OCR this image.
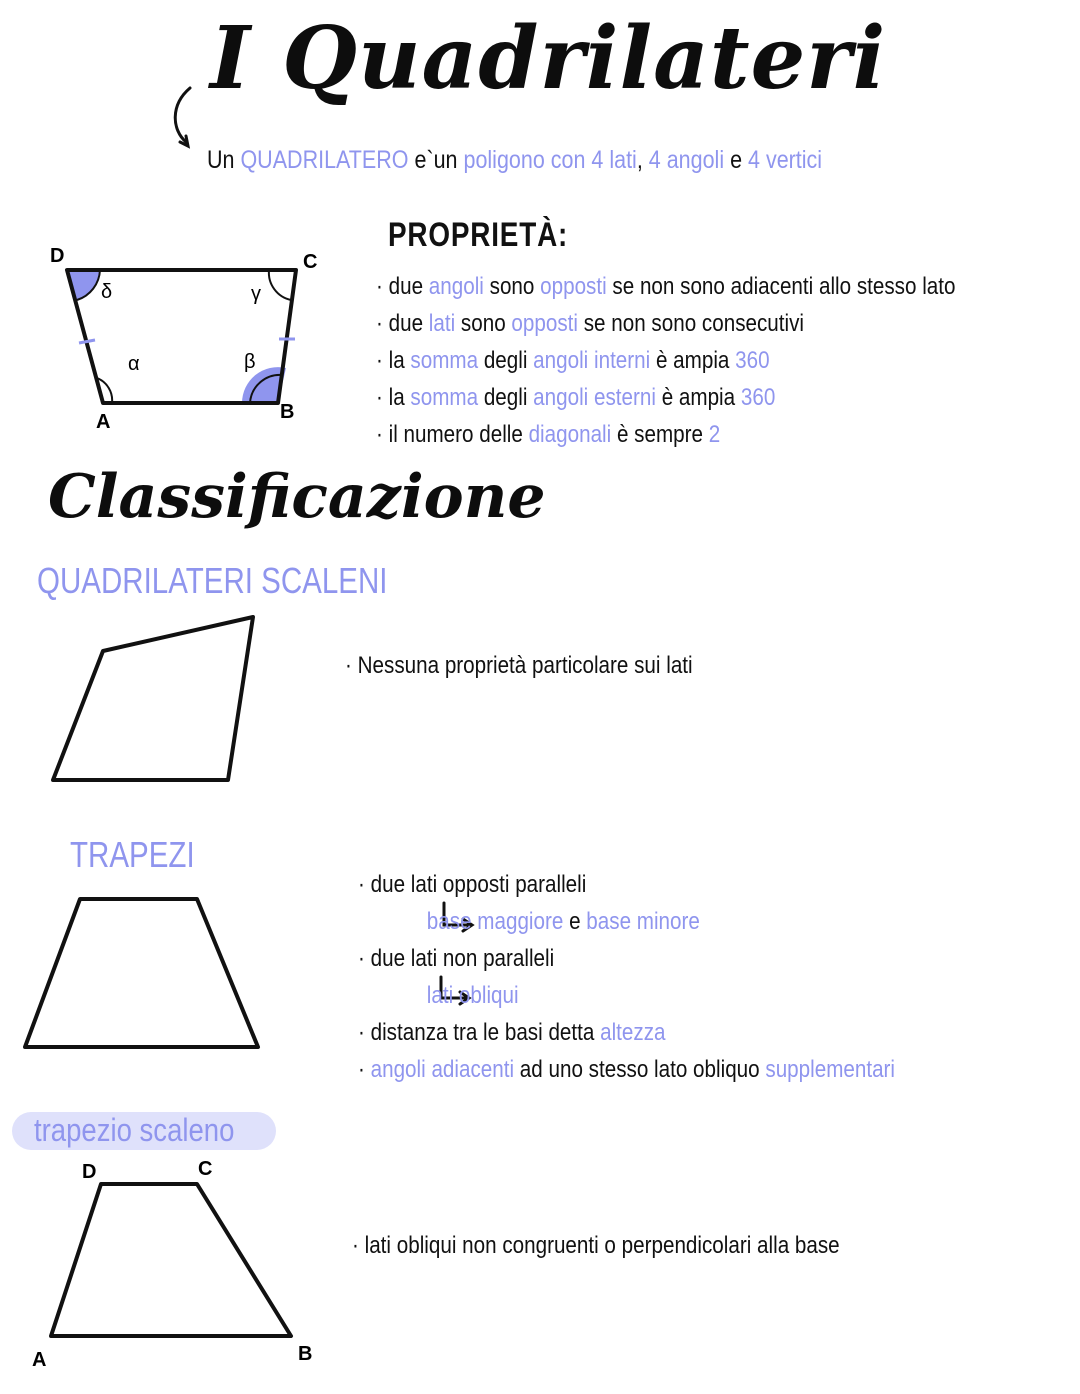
I Quadrilateri
D	C
A	B
δ	γ
α	β
D	C
A	B
Un QUADRILATERO e`un poligono con 4 lati, 4 angoli e 4 vertici
PROPRIETÀ:
· due angoli sono opposti se non sono adiacenti allo stesso lato
· due lati sono opposti se non sono consecutivi
· la somma degli angoli interni è ampia 360
· la somma degli angoli esterni è ampia 360
· il numero delle diagonali è sempre 2
Classificazione
QUADRILATERI SCALENI
· Nessuna proprietà particolare sui lati
TRAPEZI
· due lati opposti paralleli
base maggiore e base minore
· due lati non paralleli
lati obliqui
· distanza tra le basi detta altezza
· angoli adiacenti ad uno stesso lato obliquo supplementari
trapezio scaleno
· lati obliqui non congruenti o perpendicolari alla base
